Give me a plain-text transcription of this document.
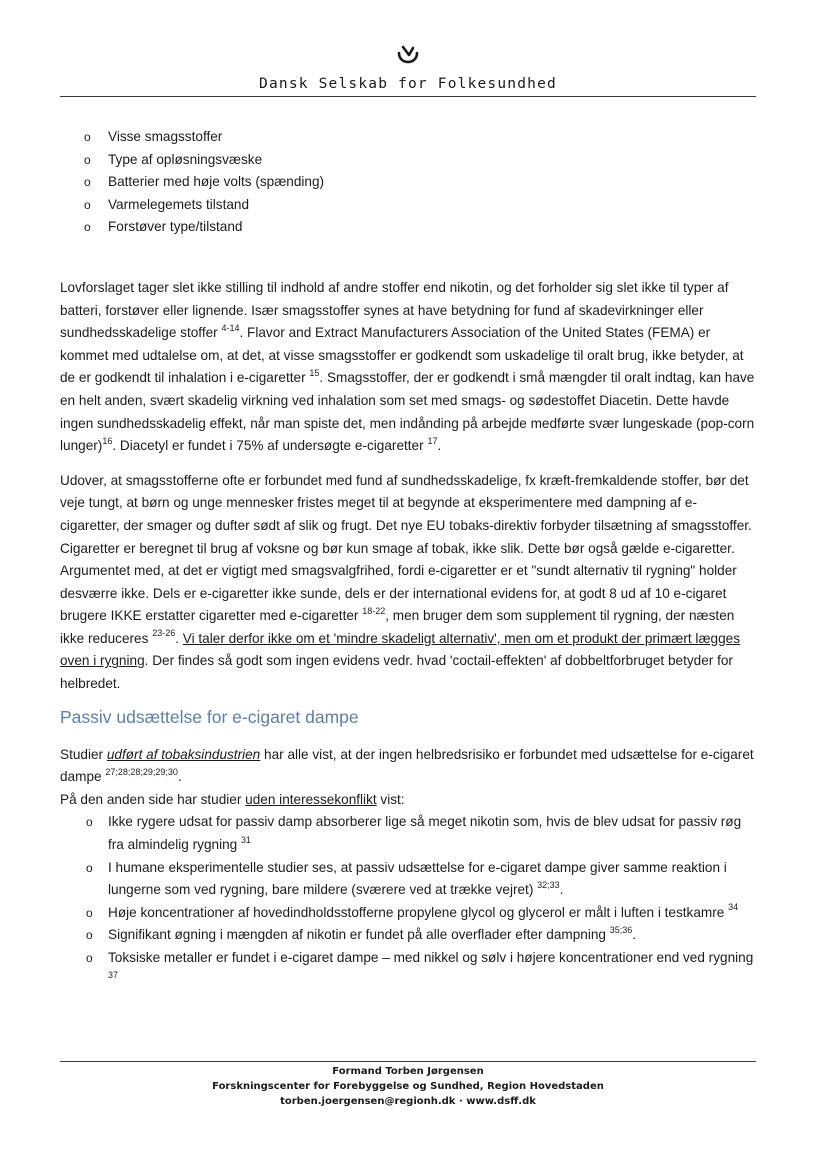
Dansk Selskab for Folkesundhed
o Visse smagsstoffer
o Type af opløsningsvæske
o Batterier med høje volts (spænding)
o Varmelegemets tilstand
o Forstøver type/tilstand

Lovforslaget tager slet ikke stilling til indhold af andre stoffer end nikotin, og det forholder sig slet ikke til typer af batteri, forstøver eller lignende. Især smagsstoffer synes at have betydning for fund af skadevirkninger eller sundhedsskadelige stoffer $^{4-14}$. Flavor and Extract Manufacturers Association of the United States (FEMA) er kommet med udtalelse om, at det, at visse smagsstoffer er godkendt som uskadelige til oralt brug, ikke betyder, at de er godkendt til inhalation i e-cigaretter $^{15}$. Smagsstoffer, der er godkendt i små mængder til oralt indtag, kan have en helt anden, svært skadelig virkning ved inhalation som set med smags- og sødestoffet Diacetin. Dette havde ingen sundhedsskadelig effekt, når man spiste det, men indånding på arbejde medførte svær lungeskade (pop-corn lunger)$^{16}$. Diacetyl er fundet i 75% af undersøgte e-cigaretter $^{17}$.

Udover, at smagsstofferne ofte er forbundet med fund af sundhedsskadelige, fx kræft-fremkaldende stoffer, bør det veje tungt, at børn og unge mennesker fristes meget til at begynde at eksperimentere med dampning af e-cigaretter, der smager og dufter sødt af slik og frugt. Det nye EU tobaks-direktiv forbyder tilsætning af smagsstoffer. Cigaretter er beregnet til brug af voksne og bør kun smage af tobak, ikke slik. Dette bør også gælde e-cigaretter. Argumentet med, at det er vigtigt med smagsvalgfrihed, fordi e-cigaretter er et "sundt alternativ til rygning" holder desværre ikke. Dels er e-cigaretter ikke sunde, dels er der international evidens for, at godt 8 ud af 10 e-cigaret brugere IKKE erstatter cigaretter med e-cigaretter $^{18-22}$, men bruger dem som supplement til rygning, der næsten ikke reduceres $^{23-26}$. Vi taler derfor ikke om et 'mindre skadeligt alternativ', men om et produkt der primært lægges oven i rygning. Der findes så godt som ingen evidens vedr. hvad 'coctail-effekten' af dobbeltforbruget betyder for helbredet.

Passiv udsættelse for e-cigaret dampe

Studier udført af tobaksindustrien har alle vist, at der ingen helbredsrisiko er forbundet med udsættelse for e-cigaret dampe $^{27;28;28;29;29;30}$.

På den anden side har studier uden interessekonflikt vist:

o Ikke rygere udsat for passiv damp absorberer lige så meget nikotin som, hvis de blev udsat for passiv røg fra almindelig rygning $^{31}$
o I humane eksperimentelle studier ses, at passiv udsættelse for e-cigaret dampe giver samme reaktion i lungerne som ved rygning, bare mildere (sværere ved at trække vejret) $^{32;33}$.
o Høje koncentrationer af hovedindholdsstofferne propylene glycol og glycerol er målt i luften i testkamre $^{34}$
o Signifikant øgning i mængden af nikotin er fundet på alle overflader efter dampning $^{35;36}$.
o Toksiske metaller er fundet i e-cigaret dampe – med nikkel og sølv i højere koncentrationer end ved rygning $^{37}$
Formand Torben Jørgensen
Forskningscenter for Forebyggelse og Sundhed, Region Hovedstaden
torben.joergensen@regionh.dk · www.dsff.dk
